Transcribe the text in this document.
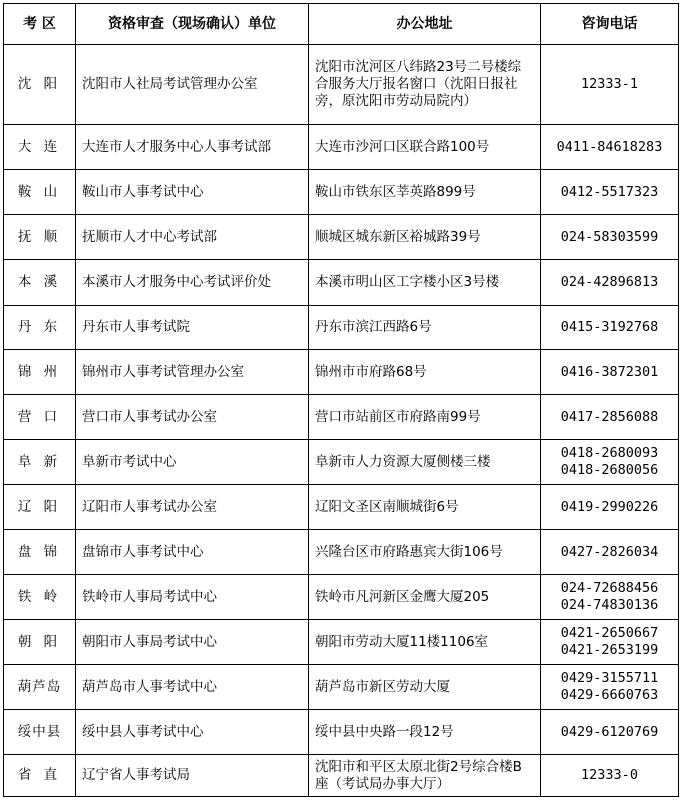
考 区	资格审查（现场确认）单位	办公地址	咨询电话
沈 阳	沈阳市人社局考试管理办公室	沈阳市沈河区八纬路23号二号楼综合服务大厅报名窗口（沈阳日报社旁，原沈阳市劳动局院内）	12333-1

大 连	大连市人才服务中心人事考试部	大连市沙河口区联合路100号	0411-84618283

鞍 山	鞍山市人事考试中心	鞍山市铁东区莘英路899号	0412-5517323

抚 顺	抚顺市人才中心考试部	顺城区城东新区裕城路39号	024-58303599

本 溪	本溪市人才服务中心考试评价处	本溪市明山区工字楼小区3号楼	024-42896813

丹 东	丹东市人事考试院	丹东市滨江西路6号	0415-3192768

锦 州	锦州市人事考试管理办公室	锦州市市府路68号	0416-3872301

营 口	营口市人事考试办公室	营口市站前区市府路南99号	0417-2856088

阜 新	阜新市考试中心	阜新市人力资源大厦侧楼三楼	0418-2680093
0418-2680056

辽 阳	辽阳市人事考试办公室	辽阳文圣区南顺城街6号	0419-2990226

盘 锦	盘锦市人事考试中心	兴隆台区市府路惠宾大街106号	0427-2826034

铁 岭	铁岭市人事局考试中心	铁岭市凡河新区金鹰大厦205	024-72688456
024-74830136

朝 阳	朝阳市人事局考试中心	朝阳市劳动大厦11楼1106室	0421-2650667
0421-2653199

葫芦岛	葫芦岛市人事考试中心	葫芦岛市新区劳动大厦	0429-3155711
0429-6660763

绥中县	绥中县人事考试中心	绥中县中央路一段12号	0429-6120769

省 直	辽宁省人事考试局	沈阳市和平区太原北街2号综合楼B座（考试局办事大厅）	12333-0
